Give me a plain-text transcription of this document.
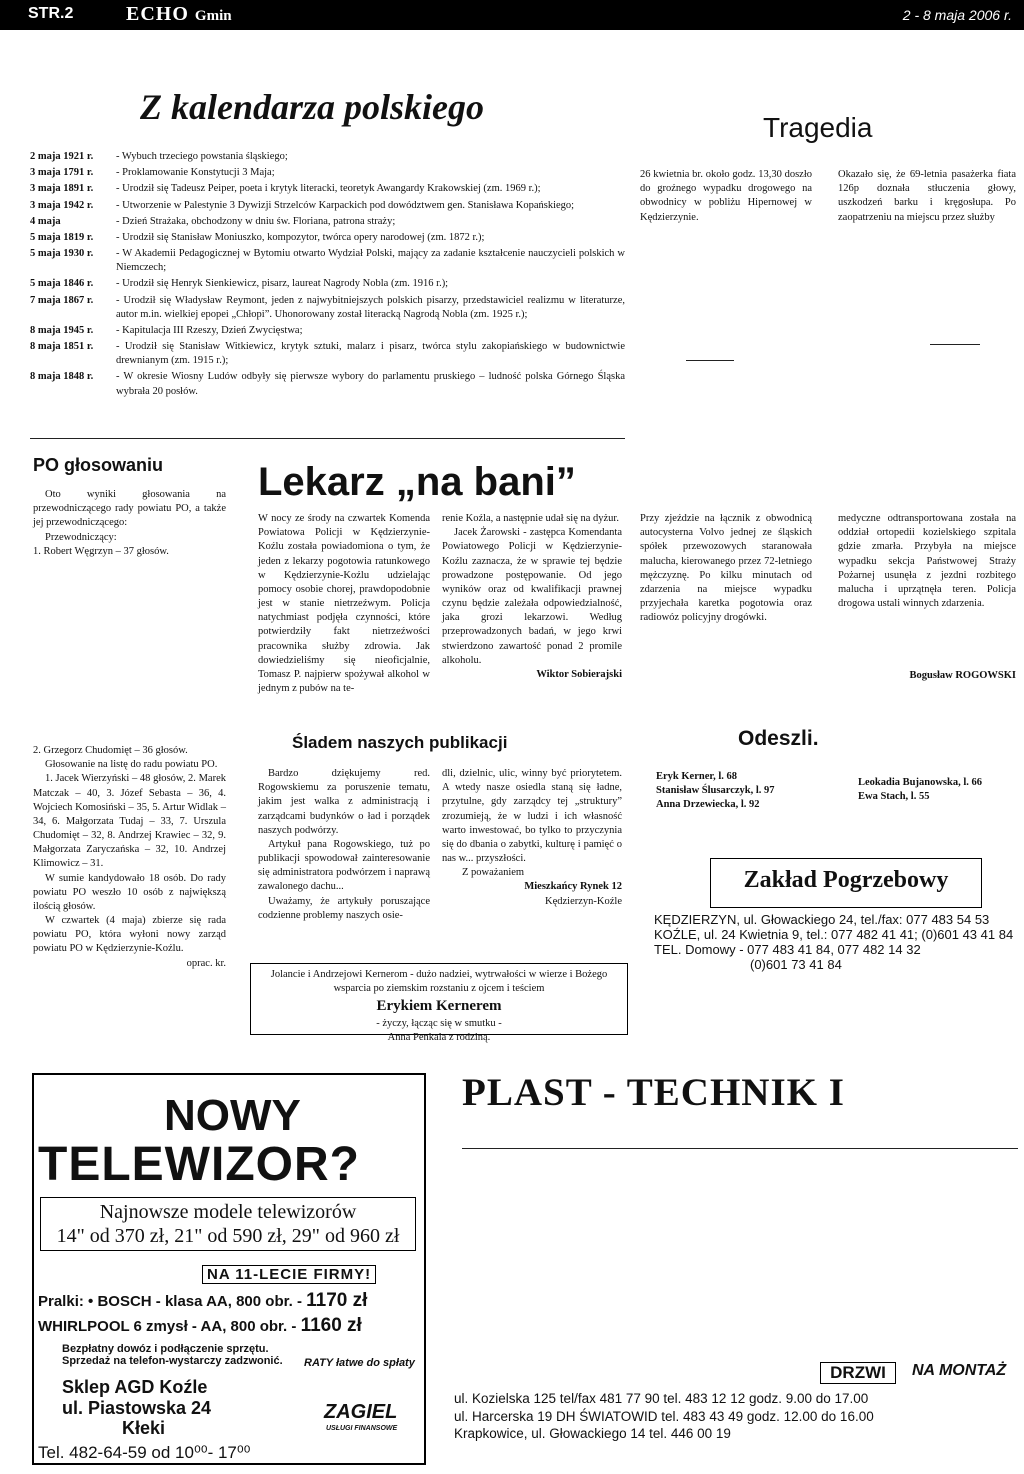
STR.2	ECHO Gmin	2 - 8 maja 2006 r.
Z kalendarza polskiego
2 maja 1921 r.	- Wybuch trzeciego powstania śląskiego;
3 maja 1791 r.	- Proklamowanie Konstytucji 3 Maja;
3 maja 1891 r.	- Urodził się Tadeusz Peiper, poeta i krytyk literacki, teoretyk Awangardy Krakowskiej (zm. 1969 r.);
3 maja 1942 r.	- Utworzenie w Palestynie 3 Dywizji Strzelców Karpackich pod dowództwem gen. Stanisława Kopańskiego;
4 maja	- Dzień Strażaka, obchodzony w dniu św. Floriana, patrona straży;
5 maja 1819 r.	- Urodził się Stanisław Moniuszko, kompozytor, twórca opery narodowej (zm. 1872 r.);
5 maja 1930 r.	- W Akademii Pedagogicznej w Bytomiu otwarto Wydział Polski, mający za zadanie kształcenie nauczycieli polskich w Niemczech;
5 maja 1846 r.	- Urodził się Henryk Sienkiewicz, pisarz, laureat Nagrody Nobla (zm. 1916 r.);
7 maja 1867 r.	- Urodził się Władysław Reymont, jeden z najwybitniejszych polskich pisarzy, przedstawiciel realizmu w literaturze, autor m.in. wielkiej epopei „Chłopi”. Uhonorowany został literacką Nagrodą Nobla (zm. 1925 r.);
8 maja 1945 r.	- Kapitulacja III Rzeszy, Dzień Zwycięstwa;
8 maja 1851 r.	- Urodził się Stanisław Witkiewicz, krytyk sztuki, malarz i pisarz, twórca stylu zakopiańskiego w budownictwie drewnianym (zm. 1915 r.);
8 maja 1848 r.	- W okresie Wiosny Ludów odbyły się pierwsze wybory do parlamentu pruskiego – ludność polska Górnego Śląska wybrała 20 posłów.
Tragedia
26 kwietnia br. około godz. 13,30 doszło do groźnego wypadku drogowego na obwodnicy w pobliżu Hipernowej w Kędzierzynie.
Okazało się, że 69-letnia pasażerka fiata 126p doznała stłuczenia głowy, uszkodzeń barku i kręgosłupa. Po zaopatrzeniu na miejscu przez służby
Przy zjeździe na łącznik z obwodnicą autocysterna Volvo jednej ze śląskich spółek przewozowych staranowała malucha, kierowanego przez 72-letniego mężczyznę. Po kilku minutach od zdarzenia na miejsce wypadku przyjechała karetka pogotowia oraz radiowóz policyjny drogówki.
medyczne odtransportowana została na oddział ortopedii kozielskiego szpitala gdzie zmarła. Przybyła na miejsce wypadku sekcja Państwowej Straży Pożarnej usunęła z jezdni rozbitego malucha i uprzątnęła teren. Policja drogowa ustali winnych zdarzenia.
Bogusław ROGOWSKI
PO głosowaniu

Oto wyniki głosowania na przewodniczącego rady powiatu PO, a także jej przewodniczącego:

Przewodniczący:

1. Robert Węgrzyn – 37 głosów.

2. Grzegorz Chudomięt – 36 głosów.

Głosowanie na listę do radu powiatu PO.

1. Jacek Wierzyński – 48 głosów, 2. Marek Matczak – 40, 3. Józef Sebasta – 36, 4. Wojciech Komosiński – 35, 5. Artur Widlak – 34, 6. Małgorzata Tudaj – 33, 7. Urszula Chudomięt – 32, 8. Andrzej Krawiec – 32, 9. Małgorzata Zaryczańska – 32, 10. Andrzej Klimowicz – 31.

W sumie kandydowało 18 osób. Do rady powiatu PO weszło 10 osób z największą ilością głosów.

W czwartek (4 maja) zbierze się rada powiatu PO, która wyłoni nowy zarząd powiatu PO w Kędzierzynie-Koźlu.

oprac. kr.

Lekarz „na bani”
W nocy ze środy na czwartek Komenda Powiatowa Policji w Kędzierzynie-Koźlu została powiadomiona o tym, że jeden z lekarzy pogotowia ratunkowego w Kędzierzynie-Koźlu udzielając pomocy osobie chorej, prawdopodobnie jest w stanie nietrzeźwym. Policja natychmiast podjęła czynności, które potwierdziły fakt nietrzeźwości pracownika służby zdrowia. Jak dowiedzieliśmy się nieoficjalnie, Tomasz P. najpierw spożywał alkohol w jednym z pubów na te-

renie Koźla, a następnie udał się na dyżur.

Jacek Żarowski - zastępca Komendanta Powiatowego Policji w Kędzierzynie-Koźlu zaznacza, że w sprawie tej będzie prowadzone postępowanie. Od jego wyników oraz od kwalifikacji prawnej czynu będzie zależała odpowiedzialność, jaka grozi lekarzowi. Według przeprowadzonych badań, w jego krwi stwierdzono zawartość ponad 2 promile alkoholu.

Wiktor Sobierajski

Śladem naszych publikacji

Bardzo dziękujemy red. Rogowskiemu za poruszenie tematu, jakim jest walka z administracją i zarządcami budynków o ład i porządek naszych podwórzy.

Artykuł pana Rogowskiego, tuż po publikacji spowodował zainteresowanie się administratora podwórzem i naprawą zawalonego dachu...

Uważamy, że artykuły poruszające codzienne problemy naszych osie-

dli, dzielnic, ulic, winny być priorytetem. A wtedy nasze osiedla staną się ładne, przytulne, gdy zarządcy tej „struktury” zrozumieją, że w ludzi i ich własność warto inwestować, bo tylko to przyczynia się do dbania o zabytki, kulturę i pamięć o nas w... przyszłości.

Z poważaniem

Mieszkańcy Rynek 12

Kędzierzyn-Koźle

Jolancie i Andrzejowi Kernerom - dużo nadziei, wytrwałości w wierze i Bożego wsparcia po ziemskim rozstaniu z ojcem i teściem

Erykiem Kernerem

- życzy, łącząc się w smutku -

Anna Penkala z rodziną.

Odeszli.

Eryk Kerner, l. 68

Stanisław Ślusarczyk, l. 97

Anna Drzewiecka, l. 92

Leokadia Bujanowska, l. 66

Ewa Stach, l. 55

Zakład Pogrzebowy

KĘDZIERZYN, ul. Głowackiego 24, tel./fax: 077 483 54 53

KOŹLE, ul. 24 Kwietnia 9, tel.: 077 482 41 41; (0)601 43 41 84

TEL. Domowy - 077 483 41 84, 077 482 14 32

(0)601 73 41 84

NOWY
TELEWIZOR?
Najnowsze modele telewizorów
14" od 370 zł, 21" od 590 zł, 29" od 960 zł
NA 11-LECIE FIRMY!
Pralki: • BOSCH - klasa AA, 800 obr. - 1170 zł
WHIRLPOOL 6 zmysł - AA, 800 obr. - 1160 zł

Bezpłatny dowóz i podłączenie sprzętu.

Sprzedaż na telefon-wystarczy zadzwonić. RATY łatwe do spłaty

Sklep AGD Koźle

ul. Piastowska 24

Kłeki

Tel. 482-64-59 od 10⁰⁰- 17⁰⁰
ZAGIEL
USŁUGI FINANSOWE
PLAST - TECHNIK I
DRZWI	NA MONTAŻ

ul. Kozielska 125 tel/fax 481 77 90 tel. 483 12 12 godz. 9.00 do 17.00

ul. Harcerska 19 DH ŚWIATOWID tel. 483 43 49 godz. 12.00 do 16.00

Krapkowice, ul. Głowackiego 14 tel. 446 00 19
